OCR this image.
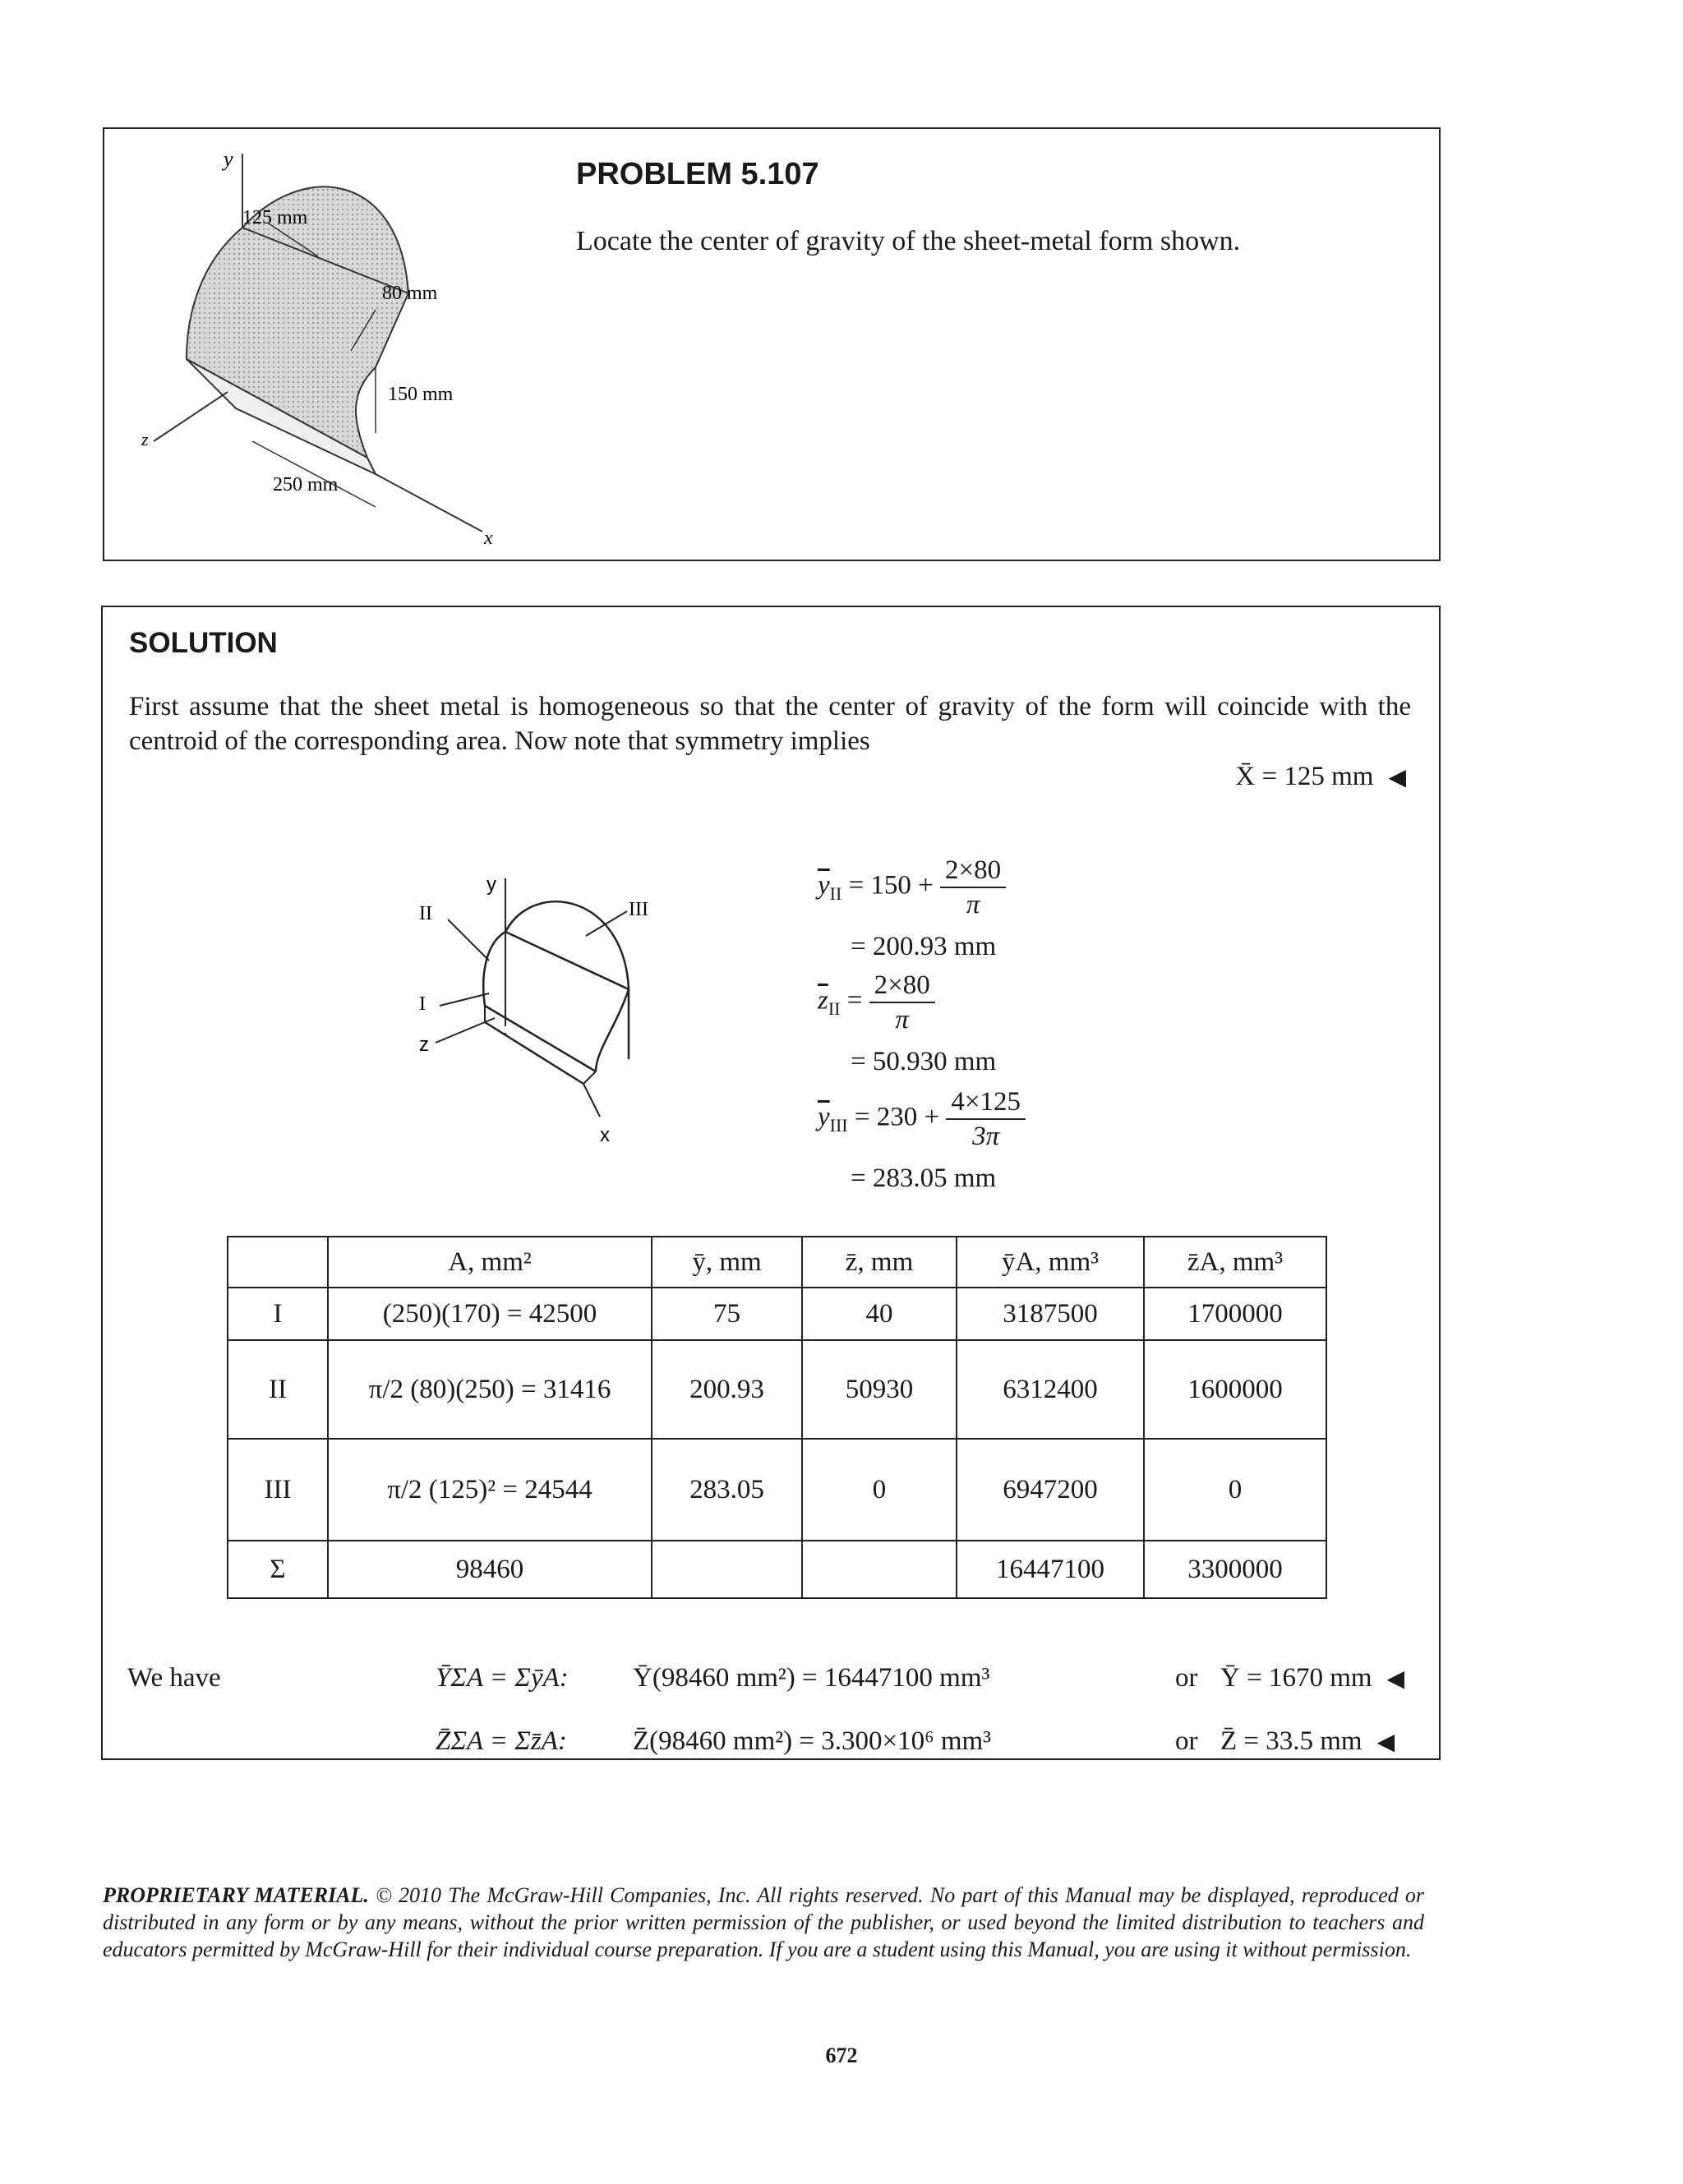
y
125 mm
80 mm
150 mm
z
x
250 mm
PROBLEM 5.107
Locate the center of gravity of the sheet-metal form shown.
SOLUTION
First assume that the sheet metal is homogeneous so that the center of gravity of the form will coincide with the centroid of the corresponding area. Now note that symmetry implies
X̄ = 125 mm ◀
y
x
z
I
II	III
$\overline{y}_{II} = 150 + \frac{2\times 80}{\pi}$
= 200.93 mm
$\overline{z}_{II} = \frac{2\times 80}{\pi}$
= 50.930 mm
$\overline{y}_{III} = 230 + \frac{4\times 125}{3\pi}$
= 283.05 mm
	A, mm²	ȳ, mm	z̄, mm	ȳA, mm³	z̄A, mm³
I	(250)(170) = 42500	75	40	3187500	1700000
II	π/2 (80)(250) = 31416	200.93	50930	6312400	1600000
III	π/2 (125)² = 24544	283.05	0	6947200	0
Σ	98460			16447100	3300000
We have	ȲΣA = ΣȳA: Ȳ(98460 mm²) = 16447100 mm³	or Ȳ = 1670 mm ◀
Z̄ΣA = Σz̄A: Z̄(98460 mm²) = 3.300×10⁶ mm³	or Z̄ = 33.5 mm ◀
PROPRIETARY MATERIAL. © 2010 The McGraw-Hill Companies, Inc. All rights reserved. No part of this Manual may be displayed, reproduced or distributed in any form or by any means, without the prior written permission of the publisher, or used beyond the limited distribution to teachers and educators permitted by McGraw-Hill for their individual course preparation. If you are a student using this Manual, you are using it without permission.
672
